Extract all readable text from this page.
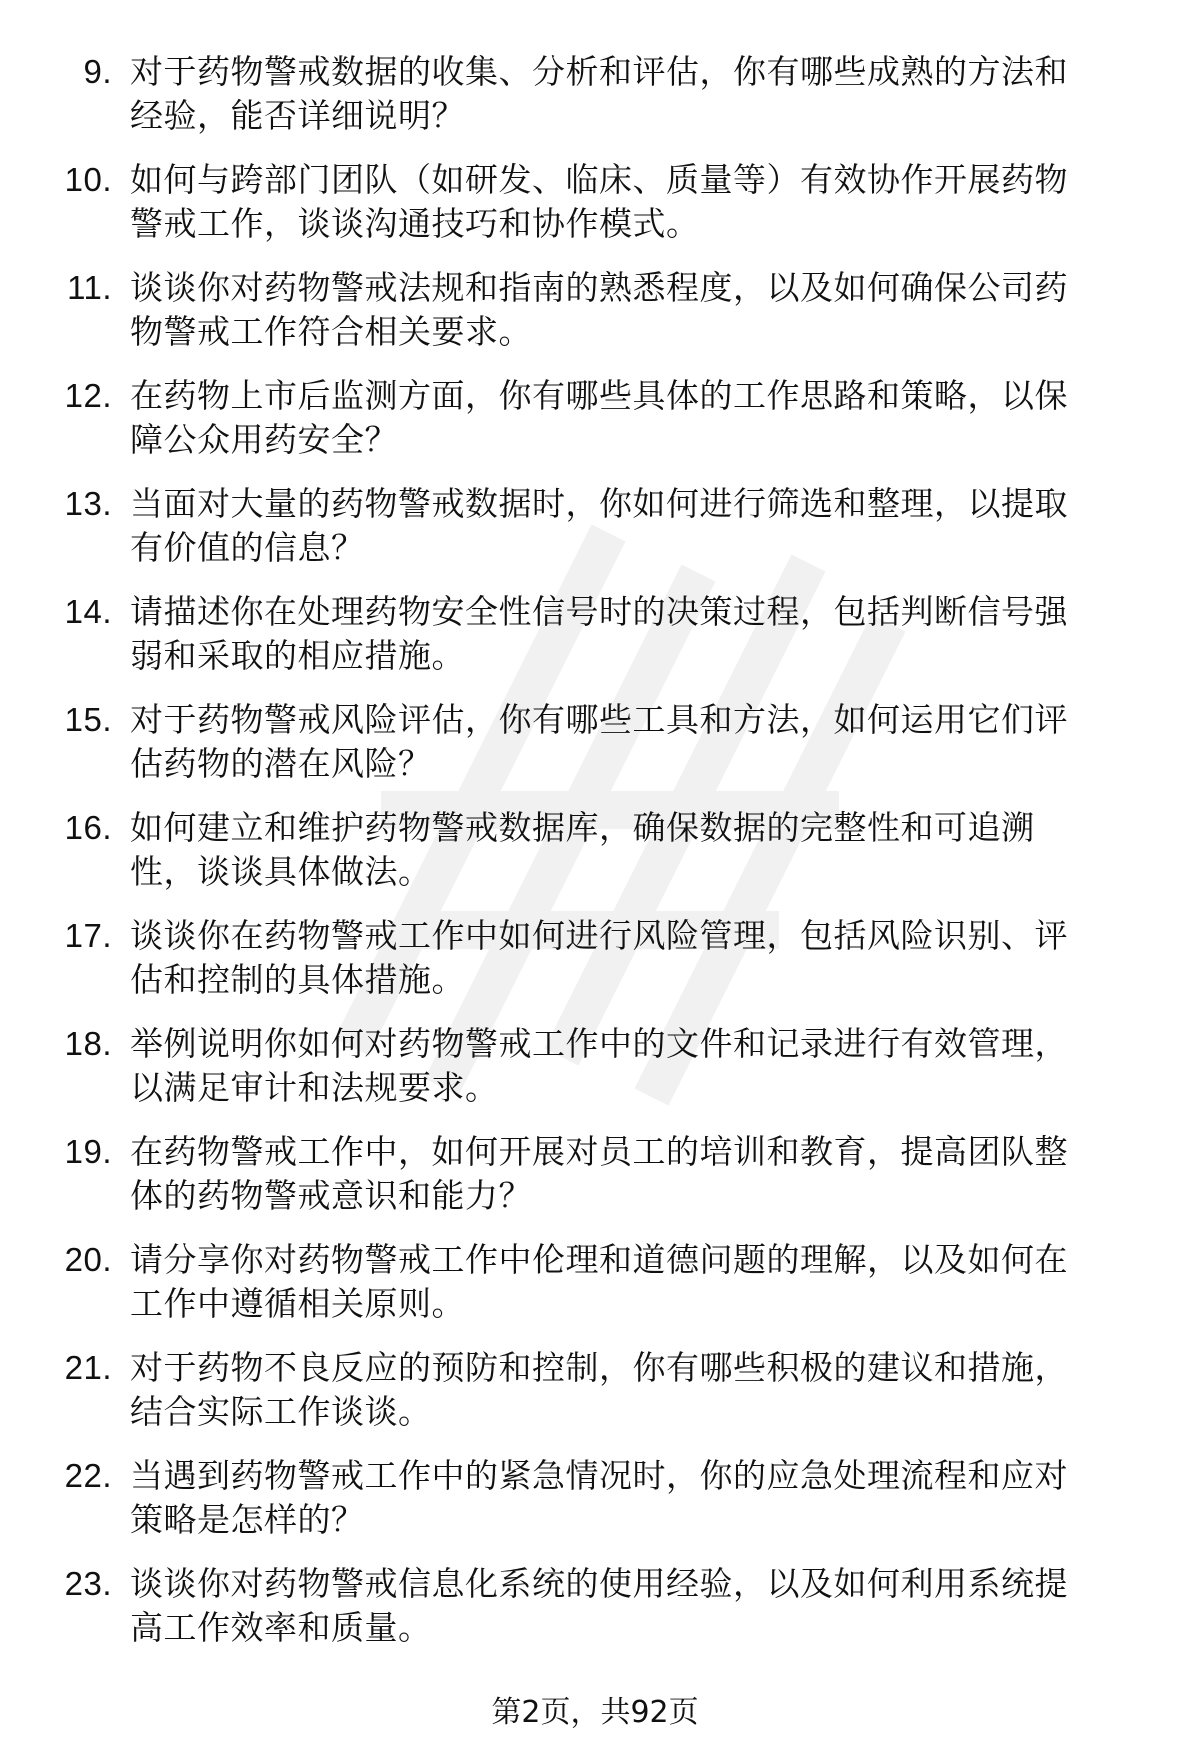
9. 对于药物警戒数据的收集、分析和评估，你有哪些成熟的方法和
经验，能否详细说明？
10. 如何与跨部门团队（如研发、临床、质量等）有效协作开展药物
警戒工作，谈谈沟通技巧和协作模式。
11. 谈谈你对药物警戒法规和指南的熟悉程度，以及如何确保公司药
物警戒工作符合相关要求。
12. 在药物上市后监测方面，你有哪些具体的工作思路和策略，以保
障公众用药安全？
13. 当面对大量的药物警戒数据时，你如何进行筛选和整理，以提取
有价值的信息？
14. 请描述你在处理药物安全性信号时的决策过程，包括判断信号强
弱和采取的相应措施。
15. 对于药物警戒风险评估，你有哪些工具和方法，如何运用它们评
估药物的潜在风险？
16. 如何建立和维护药物警戒数据库，确保数据的完整性和可追溯
性，谈谈具体做法。
17. 谈谈你在药物警戒工作中如何进行风险管理，包括风险识别、评
估和控制的具体措施。
18. 举例说明你如何对药物警戒工作中的文件和记录进行有效管理，
以满足审计和法规要求。
19. 在药物警戒工作中，如何开展对员工的培训和教育，提高团队整
体的药物警戒意识和能力？
20. 请分享你对药物警戒工作中伦理和道德问题的理解，以及如何在
工作中遵循相关原则。
21. 对于药物不良反应的预防和控制，你有哪些积极的建议和措施，
结合实际工作谈谈。
22. 当遇到药物警戒工作中的紧急情况时，你的应急处理流程和应对
策略是怎样的？
23. 谈谈你对药物警戒信息化系统的使用经验，以及如何利用系统提
高工作效率和质量。
第2页，共92页
